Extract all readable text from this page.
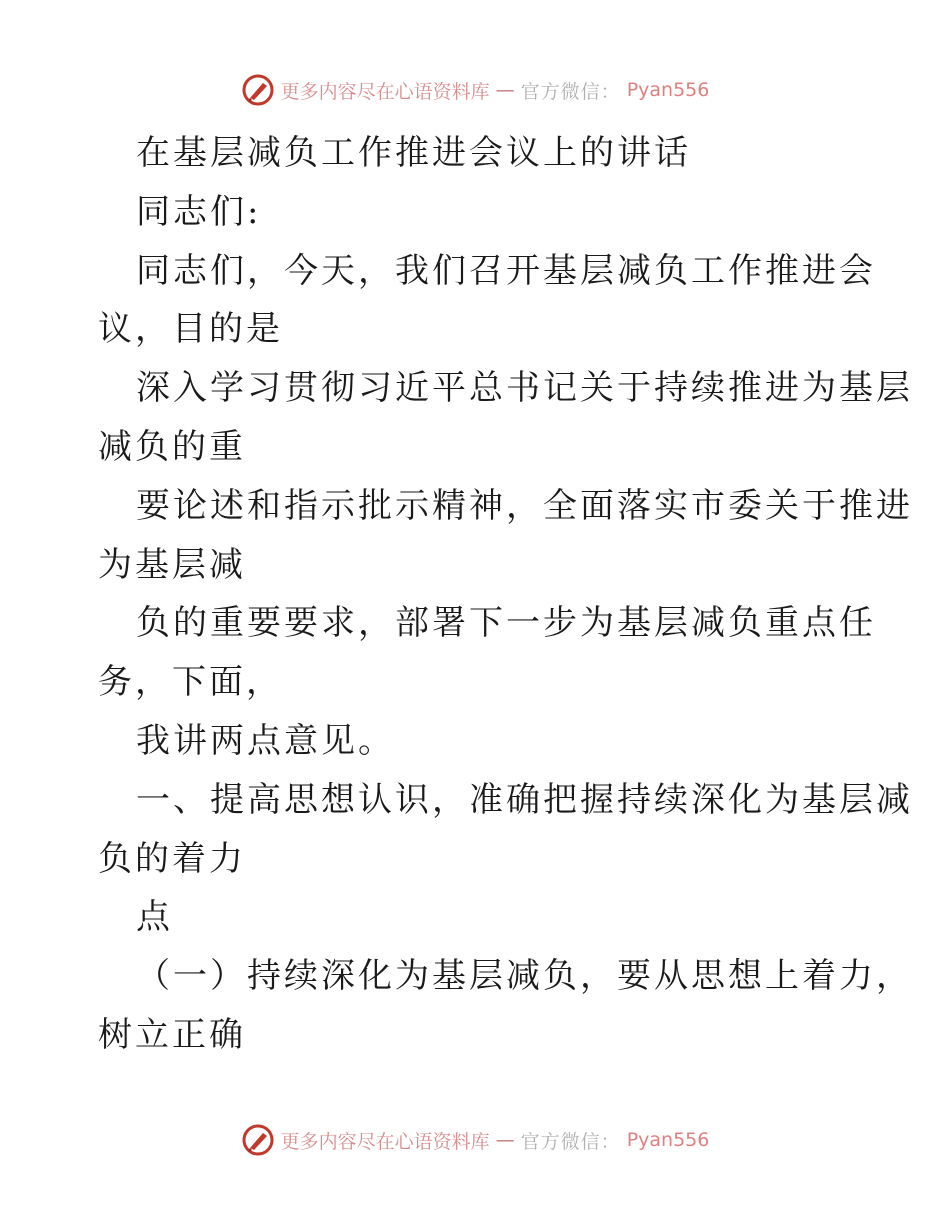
更多内容尽在心语资料库 — 官方微信： Pyan556
在基层减负工作推进会议上的讲话
同志们:
同志们，今天，我们召开基层减负工作推进会
议，目的是
深入学习贯彻习近平总书记关于持续推进为基层
减负的重
要论述和指示批示精神，全面落实市委关于推进
为基层减
负的重要要求，部署下一步为基层减负重点任
务，下面，
我讲两点意见。
一、提高思想认识，准确把握持续深化为基层减
负的着力
点
（一）持续深化为基层减负，要从思想上着力，
树立正确
更多内容尽在心语资料库 — 官方微信： Pyan556
